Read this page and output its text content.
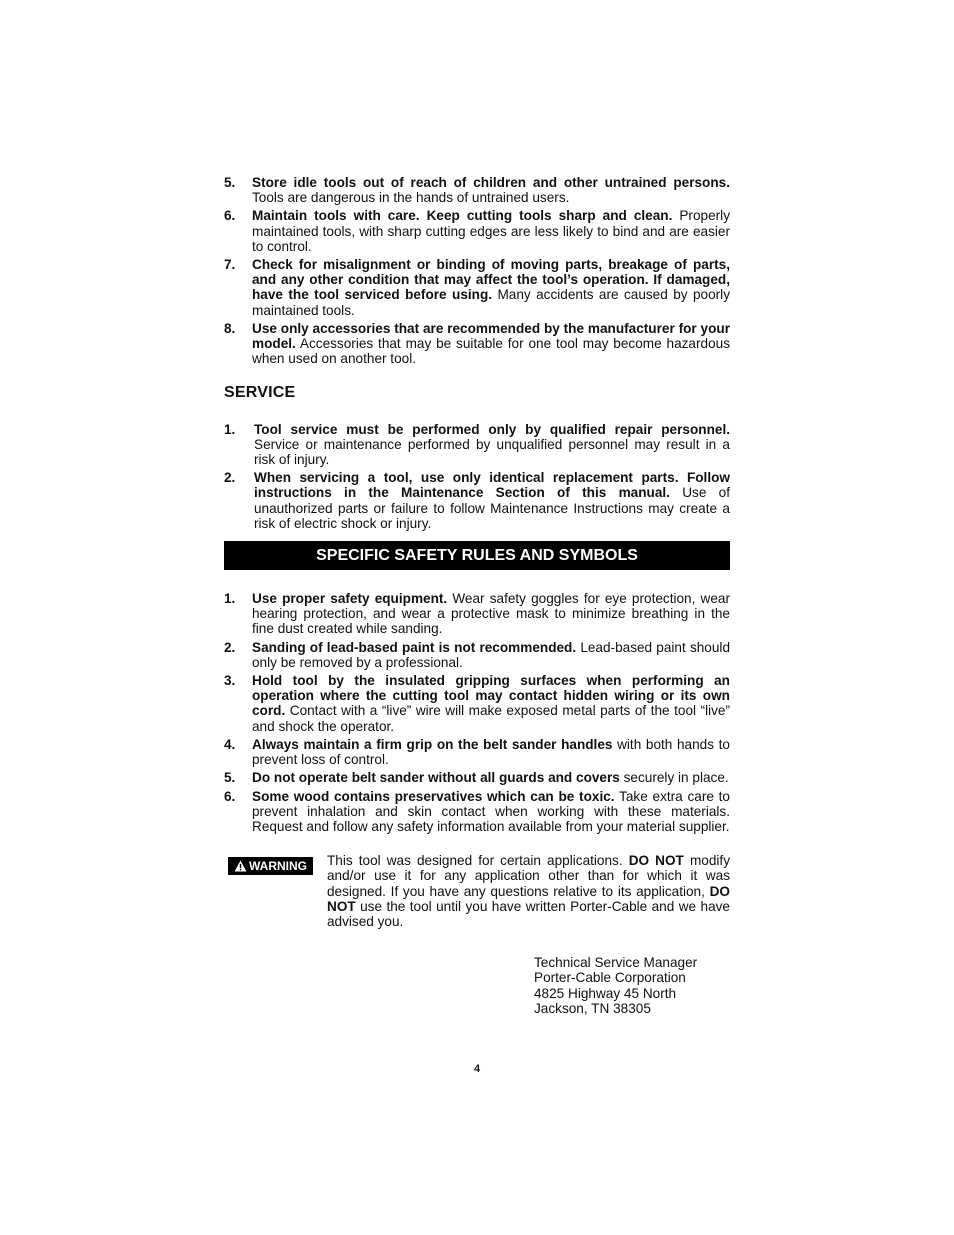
5.	Store idle tools out of reach of children and other untrained persons. Tools are dangerous in the hands of untrained users.
6.	Maintain tools with care. Keep cutting tools sharp and clean. Properly maintained tools, with sharp cutting edges are less likely to bind and are easier to control.
7.	Check for misalignment or binding of moving parts, breakage of parts, and any other condition that may affect the tool’s operation. If damaged, have the tool serviced before using. Many accidents are caused by poorly maintained tools.
8.	Use only accessories that are recommended by the manufacturer for your model. Accessories that may be suitable for one tool may become hazardous when used on another tool.
SERVICE
1.	Tool service must be performed only by qualified repair personnel. Service or maintenance performed by unqualified personnel may result in a risk of injury.
2.	When servicing a tool, use only identical replacement parts. Follow instructions in the Maintenance Section of this manual. Use of unauthorized parts or failure to follow Maintenance Instructions may create a risk of electric shock or injury.
SPECIFIC SAFETY RULES AND SYMBOLS
1.	Use proper safety equipment. Wear safety goggles for eye protection, wear hearing protection, and wear a protective mask to minimize breathing in the fine dust created while sanding.
2.	Sanding of lead-based paint is not recommended. Lead-based paint should only be removed by a professional.
3.	Hold tool by the insulated gripping surfaces when performing an operation where the cutting tool may contact hidden wiring or its own cord. Contact with a “live” wire will make exposed metal parts of the tool “live” and shock the operator.
4.	Always maintain a firm grip on the belt sander handles with both hands to prevent loss of control.
5.	Do not operate belt sander without all guards and covers securely in place.
6.	Some wood contains preservatives which can be toxic. Take extra care to prevent inhalation and skin contact when working with these materials. Request and follow any safety information available from your material supplier.
WARNING This tool was designed for certain applications. DO NOT modify and/or use it for any application other than for which it was designed. If you have any questions relative to its application, DO NOT use the tool until you have written Porter-Cable and we have advised you.
Technical Service Manager
Porter-Cable Corporation
4825 Highway 45 North
Jackson, TN 38305
4
